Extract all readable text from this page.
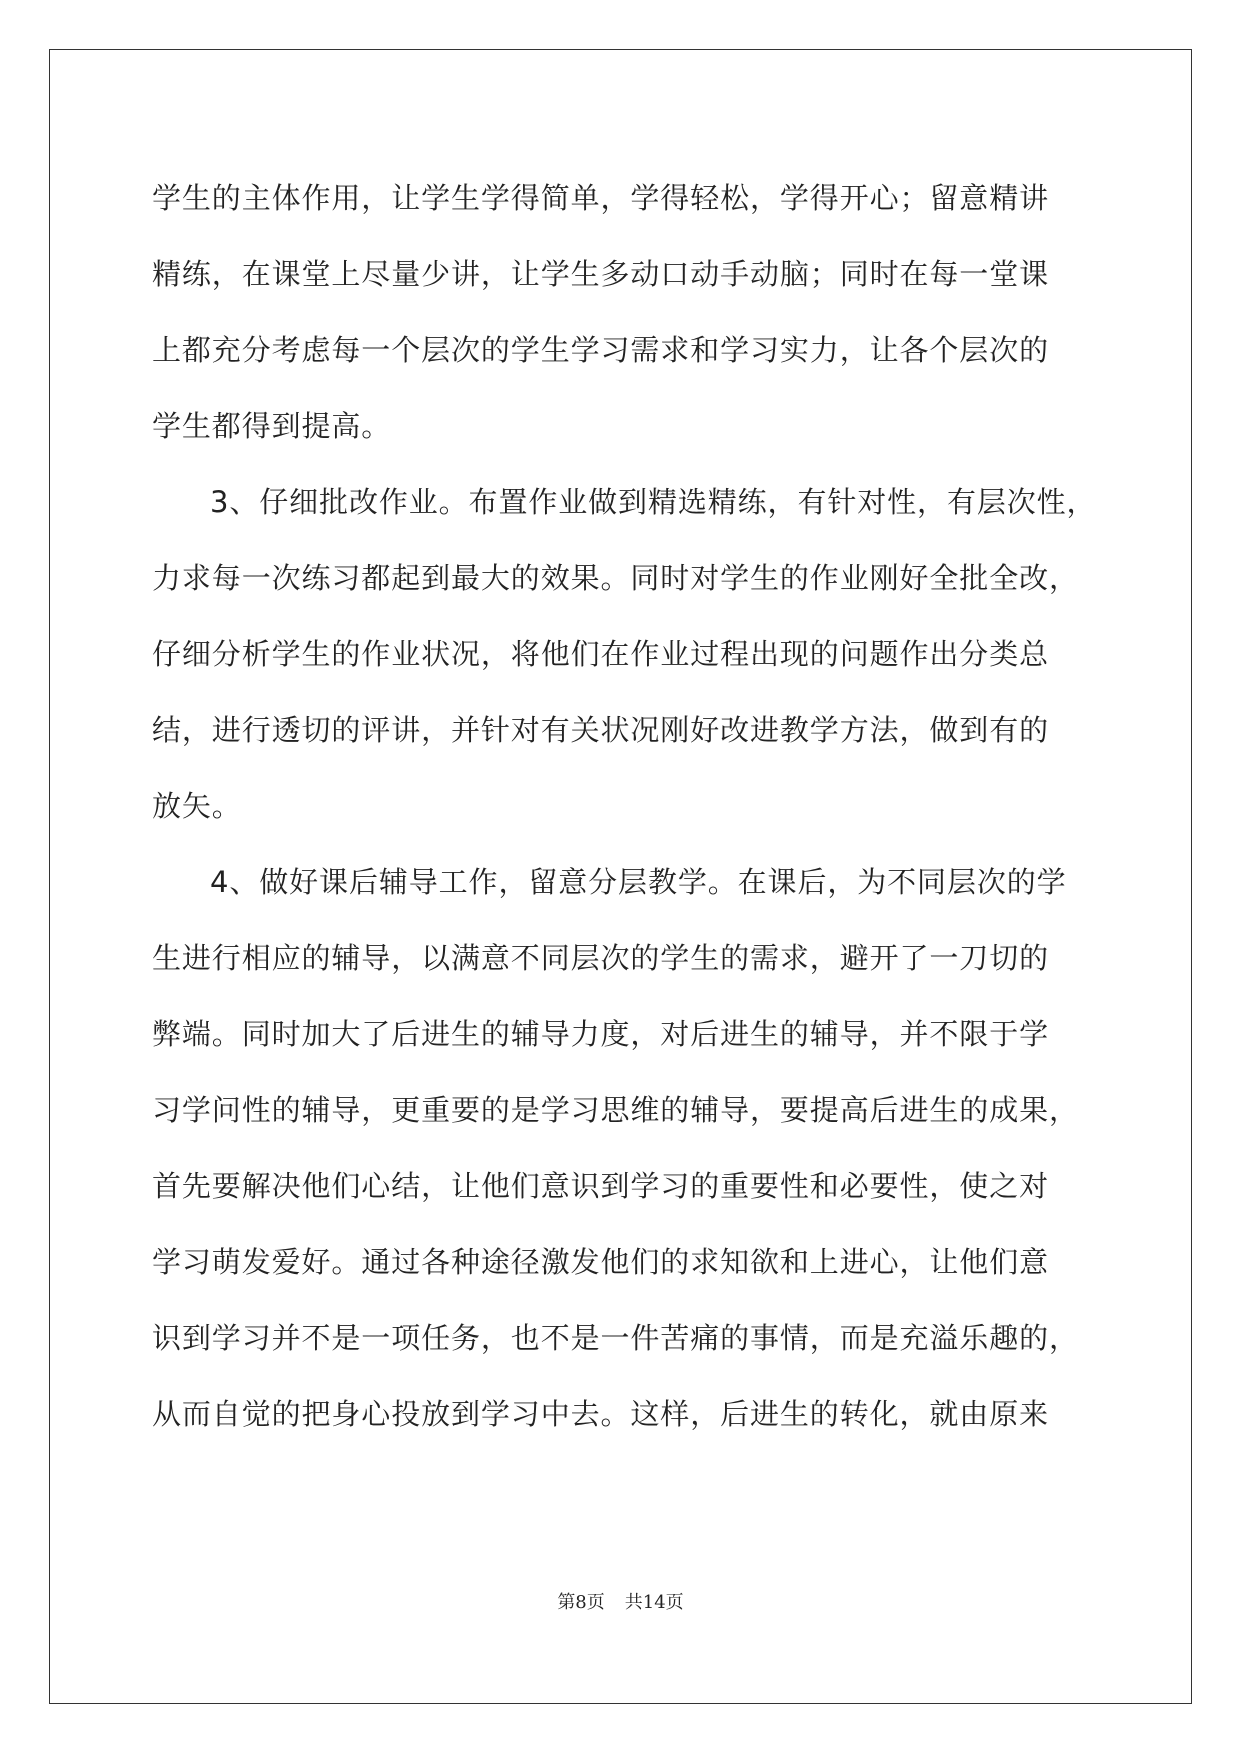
学生的主体作用，让学生学得简单，学得轻松，学得开心；留意精讲
精练，在课堂上尽量少讲，让学生多动口动手动脑；同时在每一堂课
上都充分考虑每一个层次的学生学习需求和学习实力，让各个层次的
学生都得到提高。
3、仔细批改作业。布置作业做到精选精练，有针对性，有层次性，
力求每一次练习都起到最大的效果。同时对学生的作业刚好全批全改，
仔细分析学生的作业状况，将他们在作业过程出现的问题作出分类总
结，进行透切的评讲，并针对有关状况刚好改进教学方法，做到有的
放矢。
4、做好课后辅导工作，留意分层教学。在课后，为不同层次的学
生进行相应的辅导，以满意不同层次的学生的需求，避开了一刀切的
弊端。同时加大了后进生的辅导力度，对后进生的辅导，并不限于学
习学问性的辅导，更重要的是学习思维的辅导，要提高后进生的成果，
首先要解决他们心结，让他们意识到学习的重要性和必要性，使之对
学习萌发爱好。通过各种途径激发他们的求知欲和上进心，让他们意
识到学习并不是一项任务，也不是一件苦痛的事情，而是充溢乐趣的，
从而自觉的把身心投放到学习中去。这样，后进生的转化，就由原来
第8页 共14页
